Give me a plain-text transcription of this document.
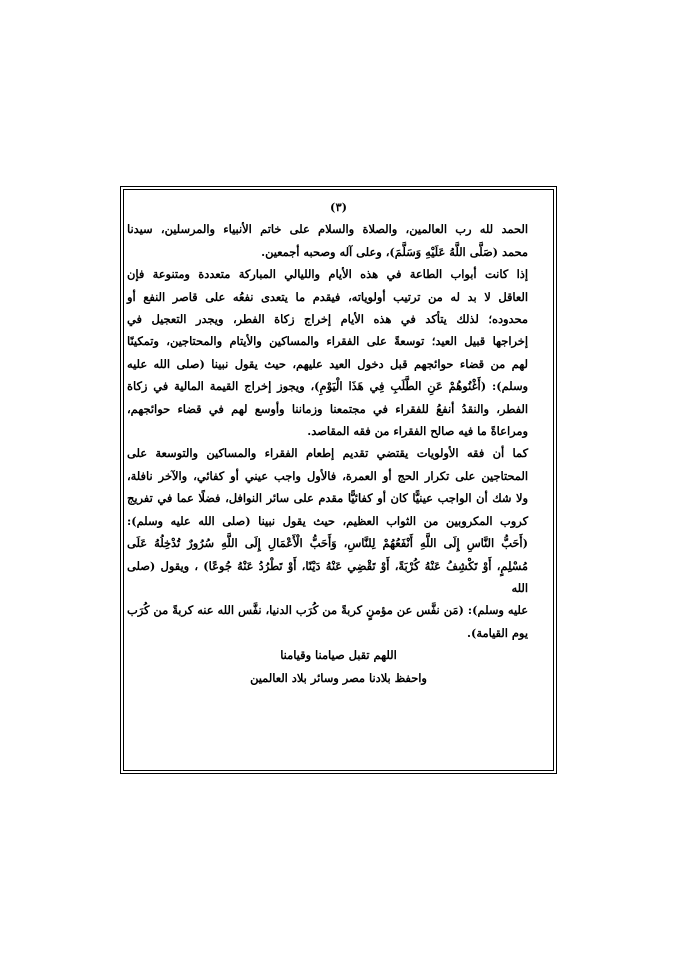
(٣)

الحمد لله رب العالمين، والصلاة والسلام على خاتم الأنبياء والمرسلين، سيدنا
محمد (صَلَّى اللَّهُ عَلَيْهِ وَسَلَّمَ)، وعلى آله وصحبه أجمعين.

إذا كانت أبواب الطاعة في هذه الأيام والليالي المباركة متعددة ومتنوعة فإن
العاقل لا بد له من ترتيب أولوياته، فيقدم ما يتعدى نفعُه على قاصر النفع أو
محدوده؛ لذلك يتأكد في هذه الأيام إخراج زكاة الفطر، ويجدر التعجيل في
إخراجها قبيل العيد؛ توسعةً على الفقراء والمساكين والأيتام والمحتاجين، وتمكينًا
لهم من قضاء حوائجهم قبل دخول العيد عليهم، حيث يقول نبينا (صلى الله عليه
وسلم): (أَغْنُوهُمْ عَنِ الطَّلَبِ فِي هَذَا الْيَوْمِ)، ويجوز إخراج القيمة المالية في زكاة
الفطر، والنقدُ أنفعُ للفقراء في مجتمعنا وزماننا وأوسع لهم في قضاء حوائجهم،
ومراعاةً ما فيه صالح الفقراء من فقه المقاصد.

كما أن فقه الأولويات يقتضي تقديم إطعام الفقراء والمساكين والتوسعة على
المحتاجين على تكرار الحج أو العمرة، فالأول واجب عيني أو كفائي، والآخر نافلة،
ولا شك أن الواجب عينيًّا كان أو كفائيًّا مقدم على سائر النوافل، فضلًا عما في تفريج
كروب المكروبين من الثواب العظيم، حيث يقول نبينا (صلى الله عليه وسلم):
(أَحَبُّ النَّاسِ إِلَى اللَّهِ أَنْفَعُهُمْ لِلنَّاسِ، وَأَحَبُّ الْأَعْمَالِ إِلَى اللَّهِ سُرُورٌ تُدْخِلُهُ عَلَى
مُسْلِمٍ، أَوْ تَكْشِفُ عَنْهُ كُرْبَةً، أَوْ تَقْضِي عَنْهُ دَيْنًا، أَوْ تَطْرُدُ عَنْهُ جُوعًا) ، ويقول (صلى الله
عليه وسلم): (مَن نفَّس عن مؤمنٍ كربةً من كُرَب الدنيا، نفَّس الله عنه كربةً من كُرَب
يوم القيامة).

اللهم تقبل صيامنا وقيامنا

واحفظ بلادنا مصر وسائر بلاد العالمين
